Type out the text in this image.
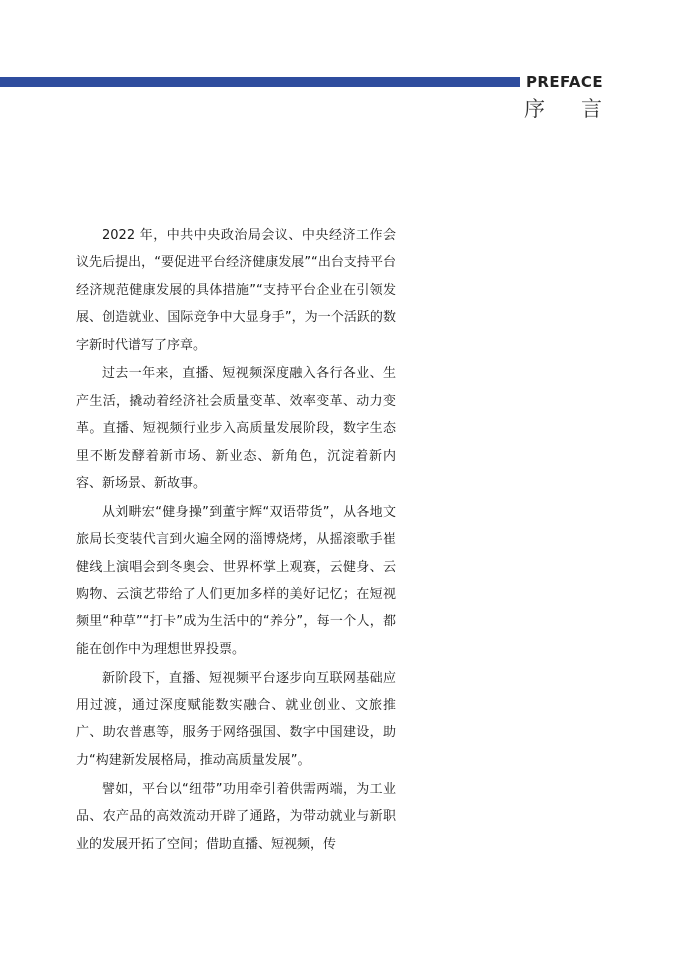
PREFACE
序 言

2022 年，中共中央政治局会议、中央经济工作会议先后提出，“要促进平台经济健康发展”“出台支持平台经济规范健康发展的具体措施”“支持平台企业在引领发展、创造就业、国际竞争中大显身手”，为一个活跃的数字新时代谱写了序章。

过去一年来，直播、短视频深度融入各行各业、生产生活，撬动着经济社会质量变革、效率变革、动力变革。直播、短视频行业步入高质量发展阶段，数字生态里不断发酵着新市场、新业态、新角色，沉淀着新内容、新场景、新故事。

从刘畊宏“健身操”到董宇辉“双语带货”，从各地文旅局长变装代言到火遍全网的淄博烧烤，从摇滚歌手崔健线上演唱会到冬奥会、世界杯掌上观赛，云健身、云购物、云演艺带给了人们更加多样的美好记忆；在短视频里“种草”“打卡”成为生活中的“养分”，每一个人，都能在创作中为理想世界投票。

新阶段下，直播、短视频平台逐步向互联网基础应用过渡，通过深度赋能数实融合、就业创业、文旅推广、助农普惠等，服务于网络强国、数字中国建设，助力“构建新发展格局，推动高质量发展”。

譬如，平台以“纽带”功用牵引着供需两端，为工业品、农产品的高效流动开辟了通路，为带动就业与新职业的发展开拓了空间；借助直播、短视频，传
